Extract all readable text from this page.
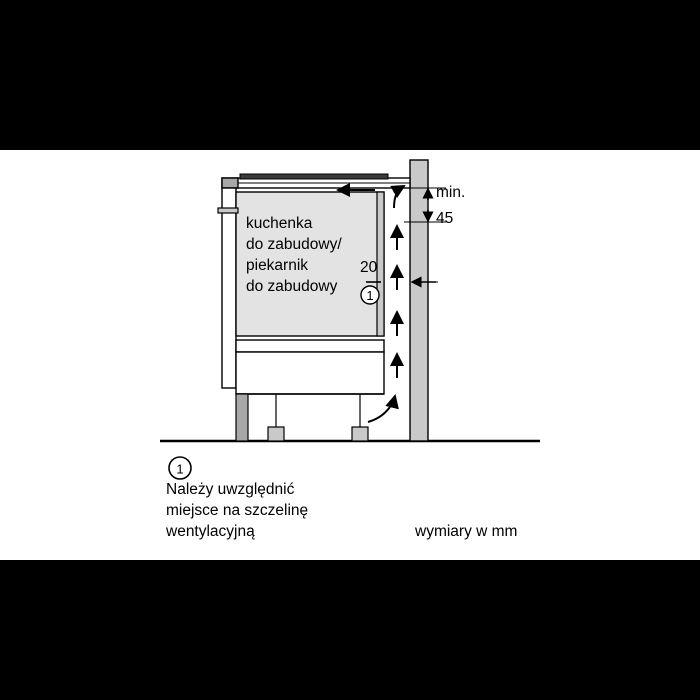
1
1
kuchenka
do zabudowy/
piekarnik
do zabudowy
min.
45
20
Należy uwzględnić
miejsce na szczelinę
wentylacyjną	wymiary w mm
